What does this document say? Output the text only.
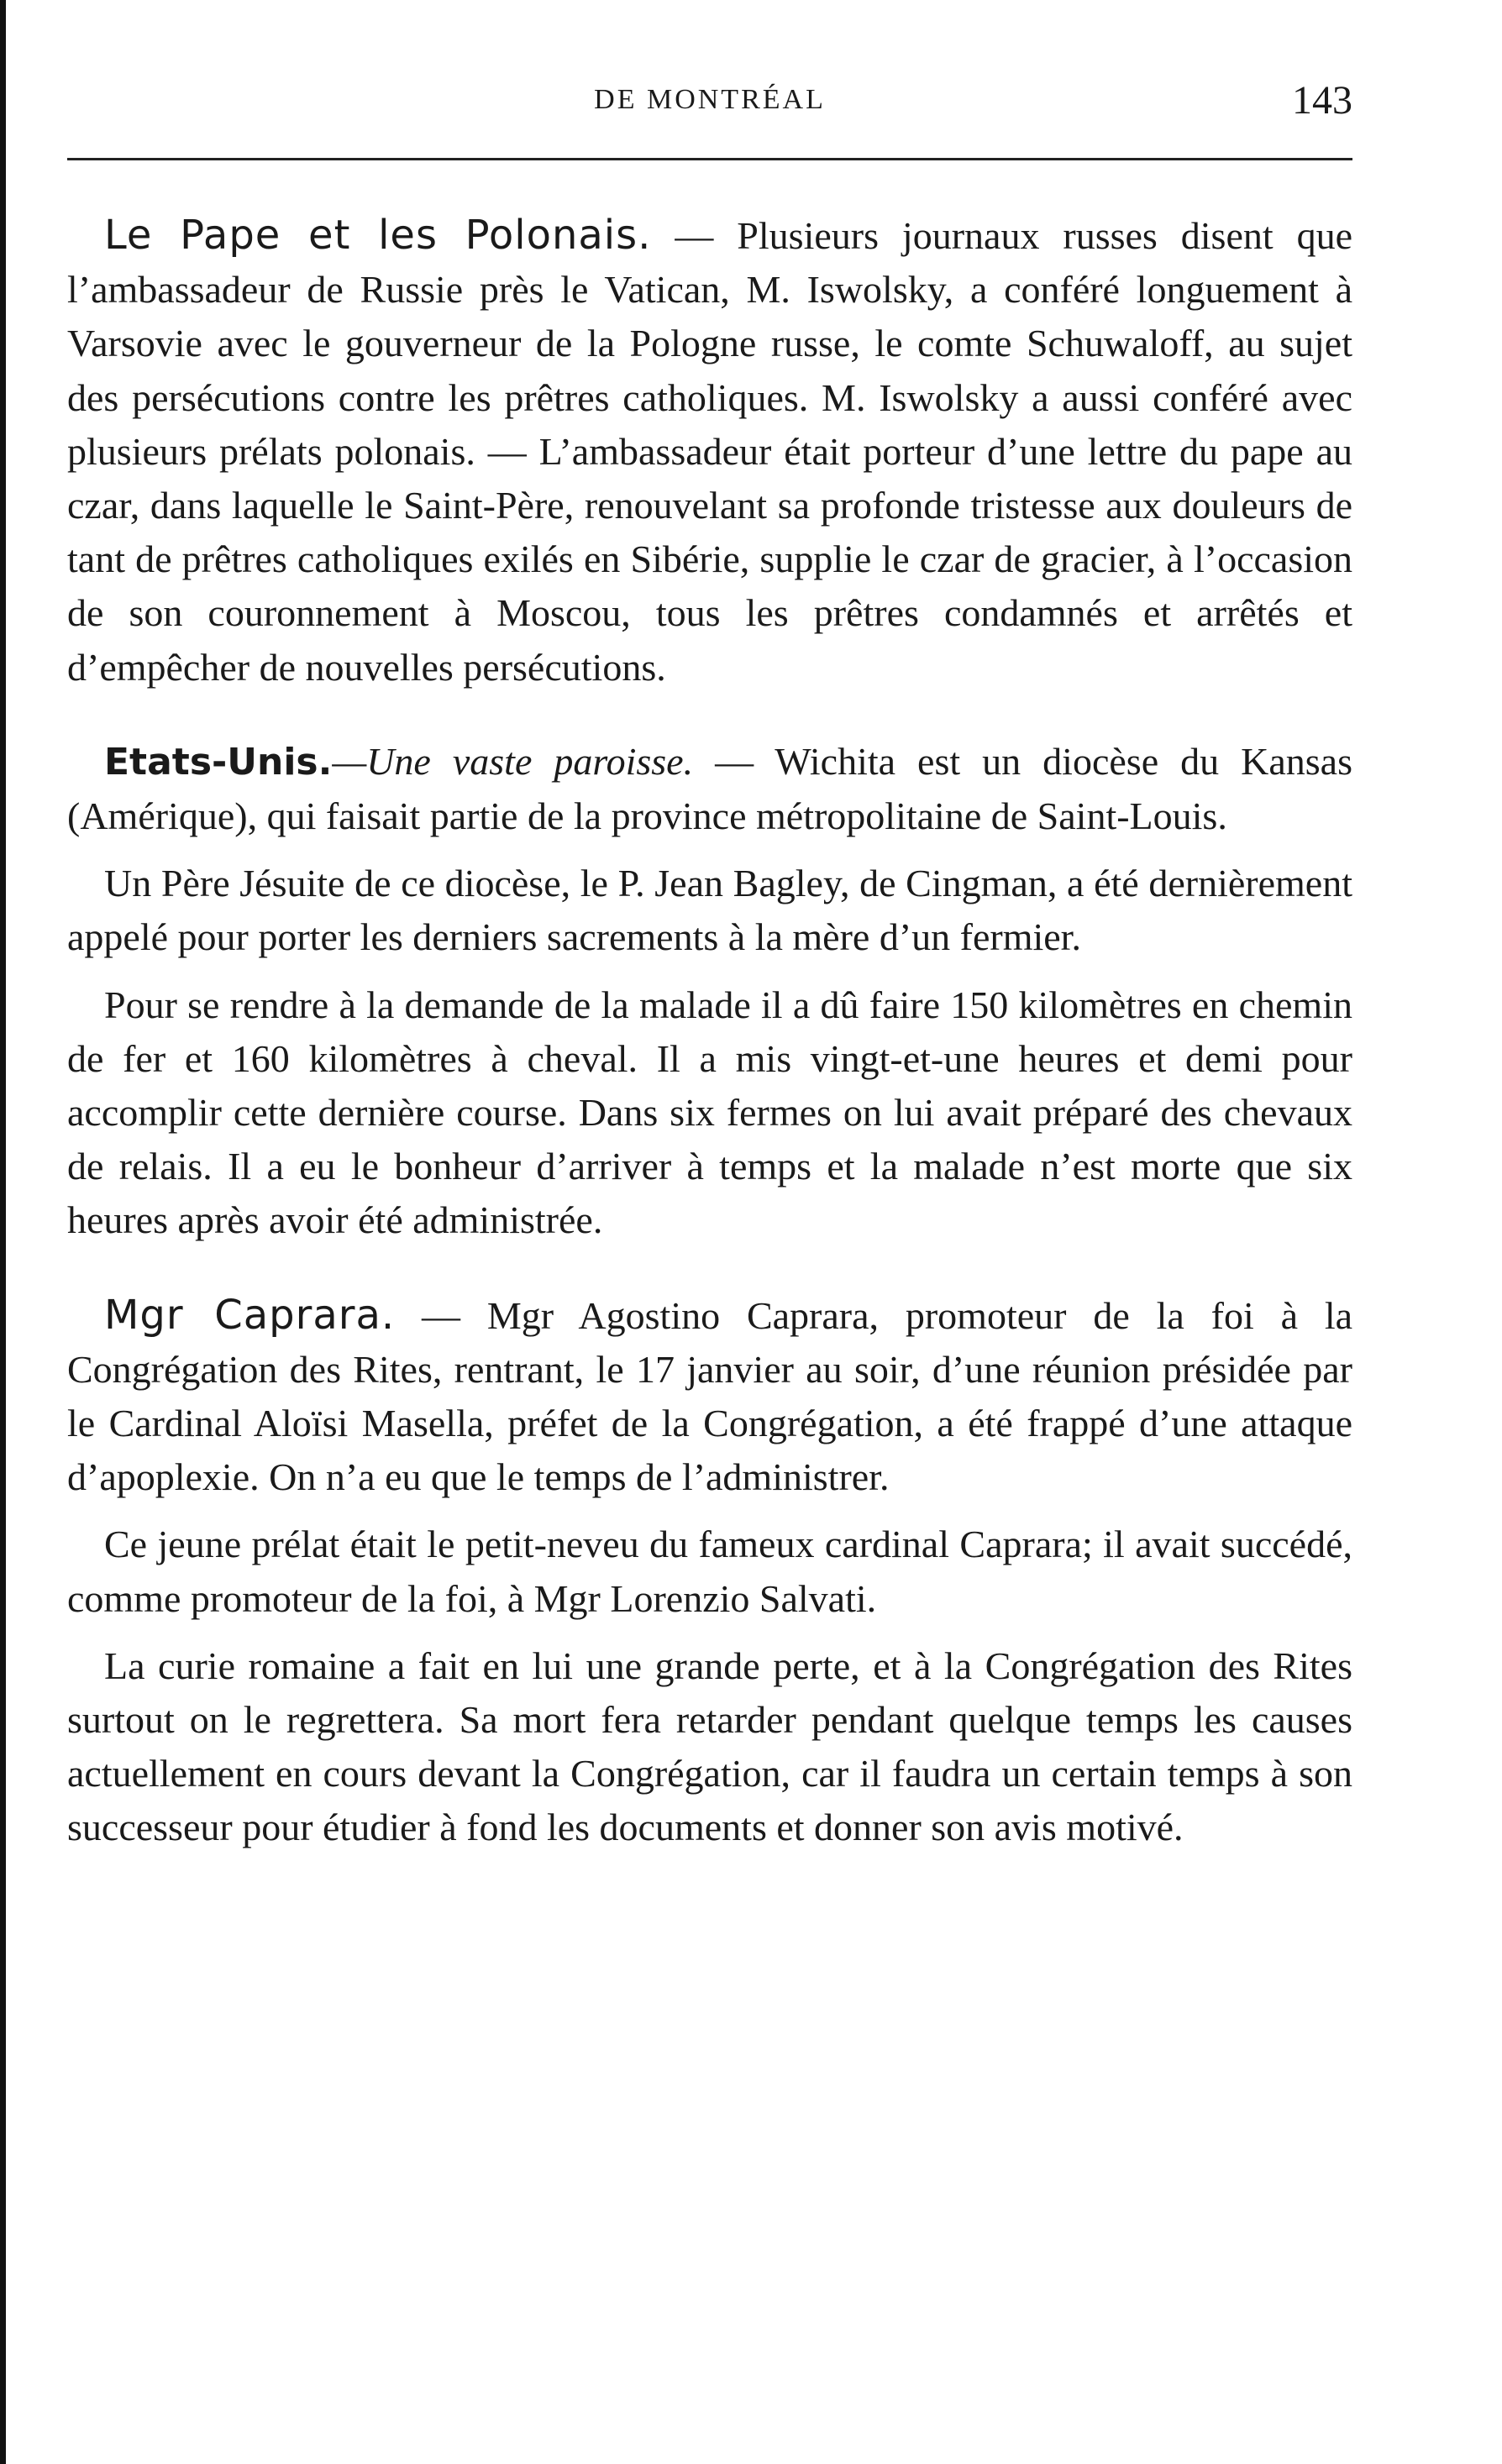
DE MONTRÉAL	143

Le Pape et les Polonais. — Plusieurs journaux russes disent que l’ambassadeur de Russie près le Vatican, M. Iswolsky, a conféré longuement à Varsovie avec le gouverneur de la Pologne russe, le comte Schuwaloff, au sujet des persécutions contre les prêtres catholiques. M. Iswolsky a aussi conféré avec plusieurs prélats polonais. — L’ambassadeur était porteur d’une lettre du pape au czar, dans laquelle le Saint-Père, renouvelant sa profonde tristesse aux douleurs de tant de prêtres catholiques exilés en Sibérie, supplie le czar de gracier, à l’occasion de son couronnement à Moscou, tous les prêtres condamnés et arrêtés et d’empêcher de nouvelles persécutions.

Etats-Unis.—Une vaste paroisse. — Wichita est un diocèse du Kansas (Amérique), qui faisait partie de la province métropolitaine de Saint-Louis.

Un Père Jésuite de ce diocèse, le P. Jean Bagley, de Cingman, a été dernièrement appelé pour porter les derniers sacrements à la mère d’un fermier.

Pour se rendre à la demande de la malade il a dû faire 150 kilomètres en chemin de fer et 160 kilomètres à cheval. Il a mis vingt-et-une heures et demi pour accomplir cette dernière course. Dans six fermes on lui avait préparé des chevaux de relais. Il a eu le bonheur d’arriver à temps et la malade n’est morte que six heures après avoir été administrée.

Mgr Caprara. — Mgr Agostino Caprara, promoteur de la foi à la Congrégation des Rites, rentrant, le 17 janvier au soir, d’une réunion présidée par le Cardinal Aloïsi Masella, préfet de la Congrégation, a été frappé d’une attaque d’apoplexie. On n’a eu que le temps de l’administrer.

Ce jeune prélat était le petit-neveu du fameux cardinal Caprara; il avait succédé, comme promoteur de la foi, à Mgr Lorenzio Salvati.

La curie romaine a fait en lui une grande perte, et à la Congrégation des Rites surtout on le regrettera. Sa mort fera retarder pendant quelque temps les causes actuellement en cours devant la Congrégation, car il faudra un certain temps à son successeur pour étudier à fond les documents et donner son avis motivé.
